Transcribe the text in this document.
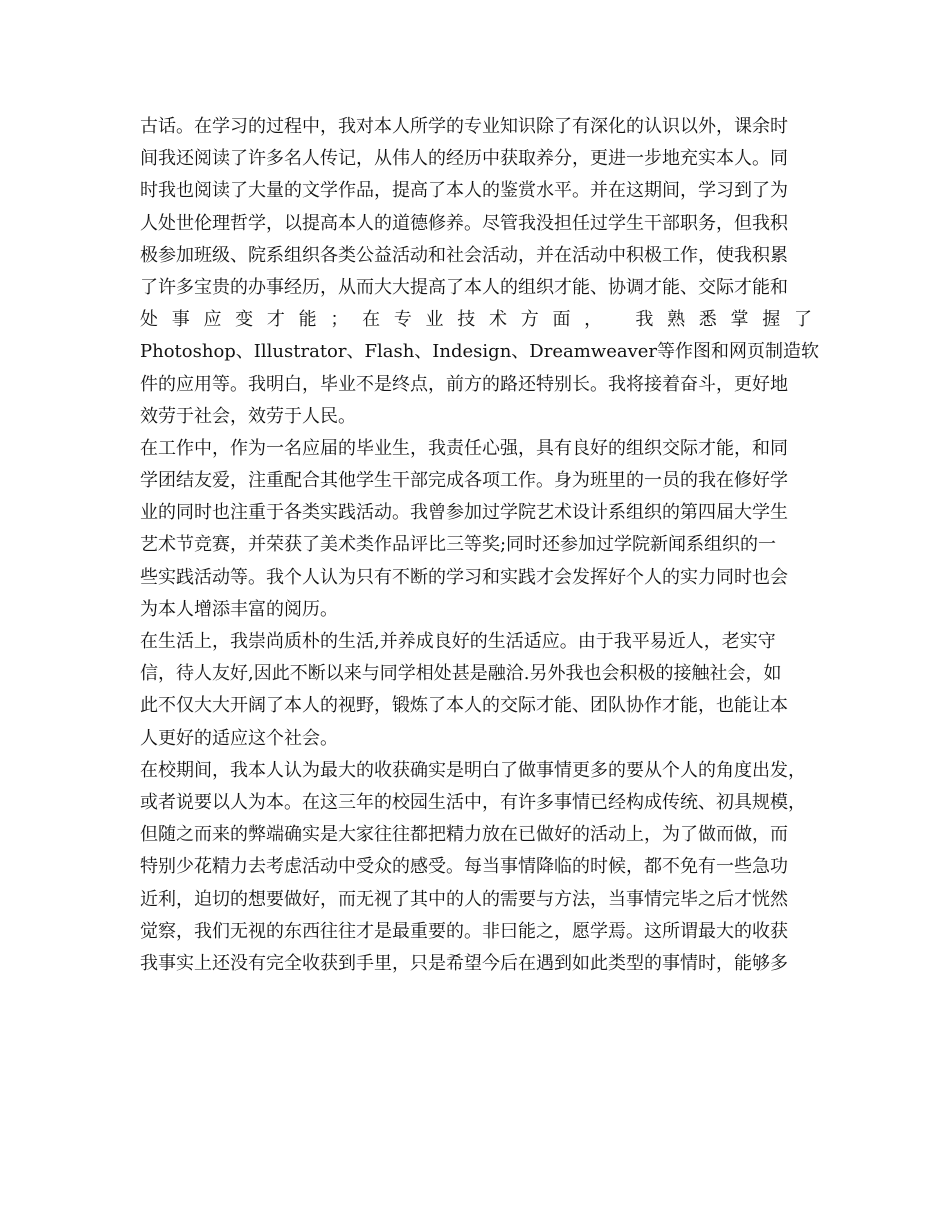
古话。在学习的过程中，我对本人所学的专业知识除了有深化的认识以外，课余时
间我还阅读了许多名人传记，从伟人的经历中获取养分，更进一步地充实本人。同
时我也阅读了大量的文学作品，提高了本人的鉴赏水平。并在这期间，学习到了为
人处世伦理哲学，以提高本人的道德修养。尽管我没担任过学生干部职务，但我积
极参加班级、院系组织各类公益活动和社会活动，并在活动中积极工作，使我积累
了许多宝贵的办事经历，从而大大提高了本人的组织才能、协调才能、交际才能和
处事应变才能；在专业技术方面， 我熟悉掌握了
Photoshop、Illustrator、Flash、Indesign、Dreamweaver等作图和网页制造软
件的应用等。我明白，毕业不是终点，前方的路还特别长。我将接着奋斗，更好地
效劳于社会，效劳于人民。
在工作中，作为一名应届的毕业生，我责任心强，具有良好的组织交际才能，和同
学团结友爱，注重配合其他学生干部完成各项工作。身为班里的一员的我在修好学
业的同时也注重于各类实践活动。我曾参加过学院艺术设计系组织的第四届大学生
艺术节竞赛，并荣获了美术类作品评比三等奖;同时还参加过学院新闻系组织的一
些实践活动等。我个人认为只有不断的学习和实践才会发挥好个人的实力同时也会
为本人增添丰富的阅历。
在生活上，我崇尚质朴的生活,并养成良好的生活适应。由于我平易近人，老实守
信，待人友好,因此不断以来与同学相处甚是融洽.另外我也会积极的接触社会，如
此不仅大大开阔了本人的视野，锻炼了本人的交际才能、团队协作才能，也能让本
人更好的适应这个社会。
在校期间，我本人认为最大的收获确实是明白了做事情更多的要从个人的角度出发，
或者说要以人为本。在这三年的校园生活中，有许多事情已经构成传统、初具规模，
但随之而来的弊端确实是大家往往都把精力放在已做好的活动上，为了做而做，而
特别少花精力去考虑活动中受众的感受。每当事情降临的时候，都不免有一些急功
近利，迫切的想要做好，而无视了其中的人的需要与方法，当事情完毕之后才恍然
觉察，我们无视的东西往往才是最重要的。非曰能之，愿学焉。这所谓最大的收获
我事实上还没有完全收获到手里，只是希望今后在遇到如此类型的事情时，能够多
